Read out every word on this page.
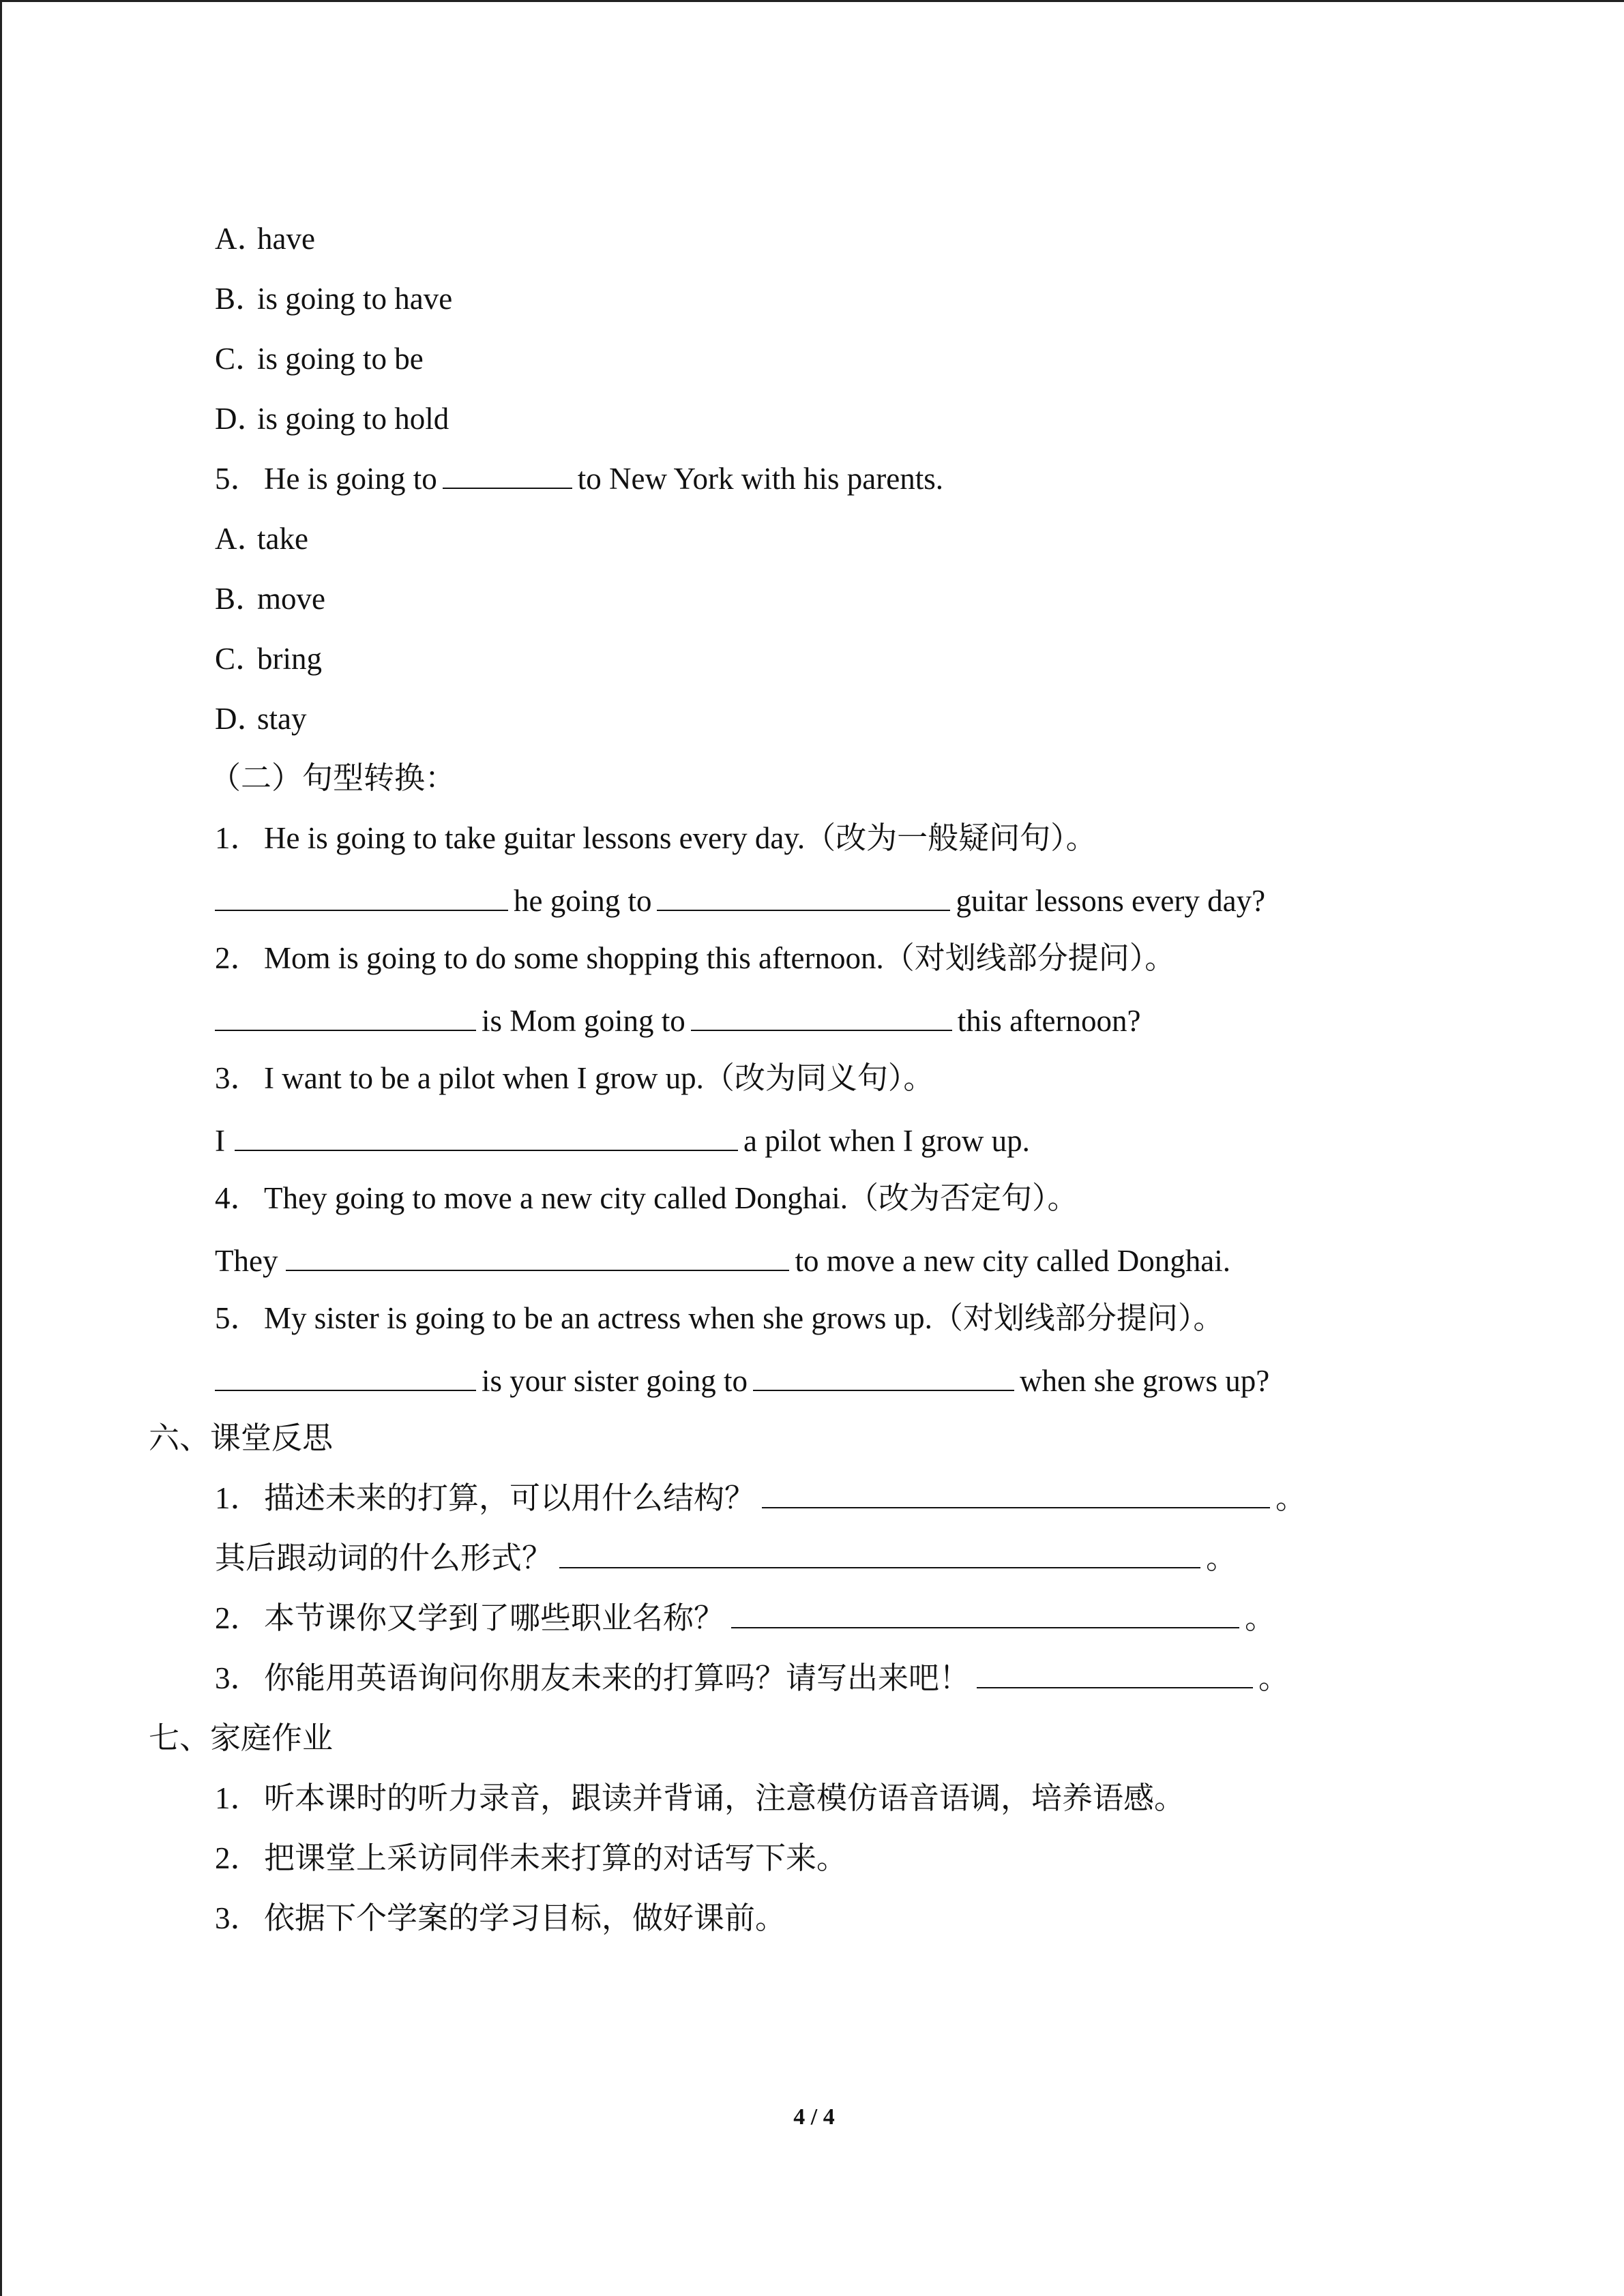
A．have
B．is going to have
C．is going to be
D．is going to hold
5．He is going to	to New York with his parents.
A．take
B．move
C．bring
D．stay
（二）句型转换：
1．He is going to take guitar lessons every day.（改为一般疑问句）。
he going to	guitar lessons every day?
2．Mom is going to do some shopping this afternoon.（对划线部分提问）。
is Mom going to	this afternoon?
3．I want to be a pilot when I grow up.（改为同义句）。
I	a pilot when I grow up.
4．They going to move a new city called Donghai.（改为否定句）。
They	to move a new city called Donghai.
5．My sister is going to be an actress when she grows up.（对划线部分提问）。
is your sister going to	when she grows up?
六、课堂反思
1．描述未来的打算，可以用什么结构？	。
其后跟动词的什么形式？	。
2．本节课你又学到了哪些职业名称？	。
3．你能用英语询问你朋友未来的打算吗？请写出来吧！	。
七、家庭作业
1．听本课时的听力录音，跟读并背诵，注意模仿语音语调，培养语感。
2．把课堂上采访同伴未来打算的对话写下来。
3．依据下个学案的学习目标，做好课前。
4 / 4
